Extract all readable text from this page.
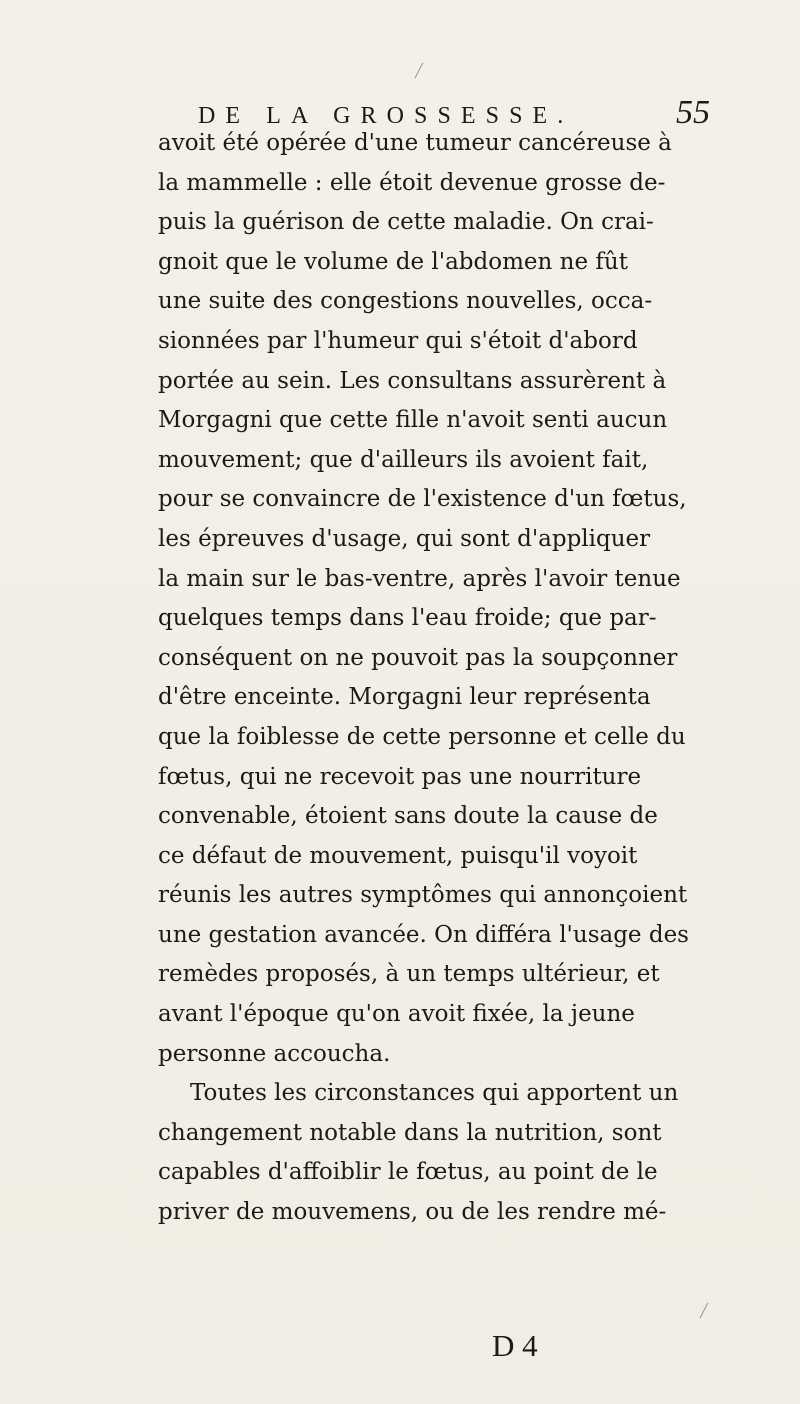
DE LA GROSSESSE.	55
avoit été opérée d'une tumeur cancéreuse à
la mammelle : elle étoit devenue grosse de-
puis la guérison de cette maladie. On crai-
gnoit que le volume de l'abdomen ne fût
une suite des congestions nouvelles, occa-
sionnées par l'humeur qui s'étoit d'abord
portée au sein. Les consultans assurèrent à
Morgagni que cette fille n'avoit senti aucun
mouvement; que d'ailleurs ils avoient fait,
pour se convaincre de l'existence d'un fœtus,
les épreuves d'usage, qui sont d'appliquer
la main sur le bas-ventre, après l'avoir tenue
quelques temps dans l'eau froide; que par-
conséquent on ne pouvoit pas la soupçonner
d'être enceinte. Morgagni leur représenta
que la foiblesse de cette personne et celle du
fœtus, qui ne recevoit pas une nourriture
convenable, étoient sans doute la cause de
ce défaut de mouvement, puisqu'il voyoit
réunis les autres symptômes qui annonçoient
une gestation avancée. On différa l'usage des
remèdes proposés, à un temps ultérieur, et
avant l'époque qu'on avoit fixée, la jeune
personne accoucha.
Toutes les circonstances qui apportent un
changement notable dans la nutrition, sont
capables d'affoiblir le fœtus, au point de le
priver de mouvemens, ou de les rendre mé-
D 4
╱
╱
